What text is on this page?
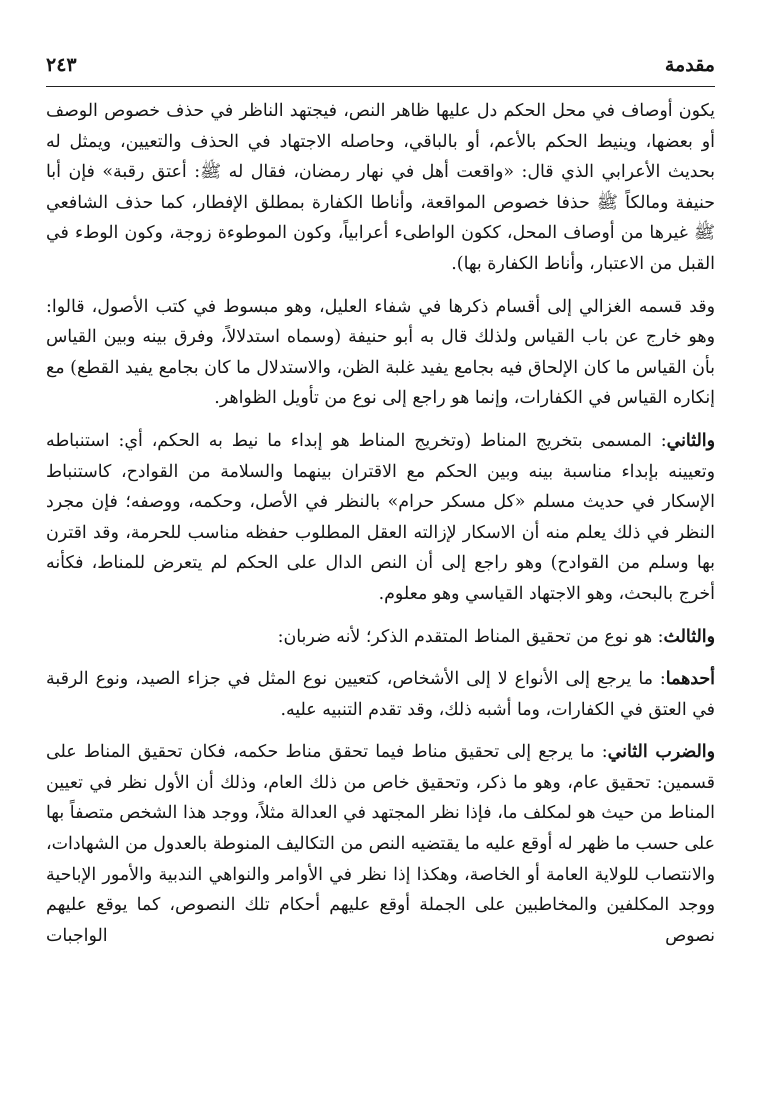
مقدمة
٢٤٣

يكون أوصاف في محل الحكم دل عليها ظاهر النص، فيجتهد الناظر في حذف خصوص الوصف أو بعضها، وينيط الحكم بالأعم، أو بالباقي، وحاصله الاجتهاد في الحذف والتعيين، ويمثل له بحديث الأعرابي الذي قال: «واقعت أهل في نهار رمضان، فقال له ﷺ: أعتق رقبة» فإن أبا حنيفة ومالكاً ﷺ حذفا خصوص المواقعة، وأناطا الكفارة بمطلق الإفطار، كما حذف الشافعي ﷺ غيرها من أوصاف المحل، ككون الواطىء أعرابياً، وكون الموطوءة زوجة، وكون الوطء في القبل من الاعتبار، وأناط الكفارة بها).

وقد قسمه الغزالي إلى أقسام ذكرها في شفاء العليل، وهو مبسوط في كتب الأصول، قالوا: وهو خارج عن باب القياس ولذلك قال به أبو حنيفة (وسماه استدلالاً، وفرق بينه وبين القياس بأن القياس ما كان الإلحاق فيه بجامع يفيد غلبة الظن، والاستدلال ما كان بجامع يفيد القطع) مع إنكاره القياس في الكفارات، وإنما هو راجع إلى نوع من تأويل الظواهر.

والثاني: المسمى بتخريج المناط (وتخريج المناط هو إبداء ما نيط به الحكم، أي: استنباطه وتعيينه بإبداء مناسبة بينه وبين الحكم مع الاقتران بينهما والسلامة من القوادح، كاستنباط الإسكار في حديث مسلم «كل مسكر حرام» بالنظر في الأصل، وحكمه، ووصفه؛ فإن مجرد النظر في ذلك يعلم منه أن الاسكار لإزالته العقل المطلوب حفظه مناسب للحرمة، وقد اقترن بها وسلم من القوادح) وهو راجع إلى أن النص الدال على الحكم لم يتعرض للمناط، فكأنه أخرج بالبحث، وهو الاجتهاد القياسي وهو معلوم.

والثالث: هو نوع من تحقيق المناط المتقدم الذكر؛ لأنه ضربان:

أحدهما: ما يرجع إلى الأنواع لا إلى الأشخاص، كتعيين نوع المثل في جزاء الصيد، ونوع الرقبة في العتق في الكفارات، وما أشبه ذلك، وقد تقدم التنبيه عليه.

والضرب الثاني: ما يرجع إلى تحقيق مناط فيما تحقق مناط حكمه، فكان تحقيق المناط على قسمين: تحقيق عام، وهو ما ذكر، وتحقيق خاص من ذلك العام، وذلك أن الأول نظر في تعيين المناط من حيث هو لمكلف ما، فإذا نظر المجتهد في العدالة مثلاً، ووجد هذا الشخص متصفاً بها على حسب ما ظهر له أوقع عليه ما يقتضيه النص من التكاليف المنوطة بالعدول من الشهادات، والانتصاب للولاية العامة أو الخاصة، وهكذا إذا نظر في الأوامر والنواهي الندبية والأمور الإباحية ووجد المكلفين والمخاطبين على الجملة أوقع عليهم أحكام تلك النصوص، كما يوقع عليهم نصوص الواجبات
